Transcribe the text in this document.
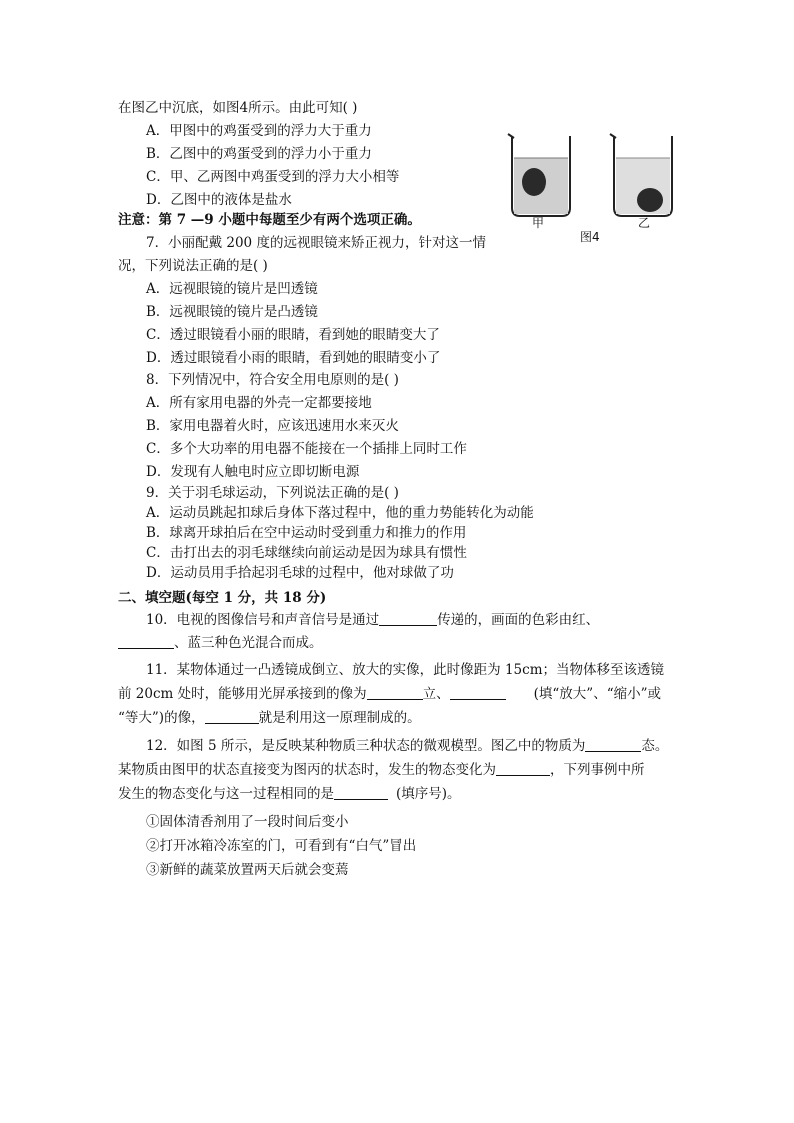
在图乙中沉底，如图4所示。由此可知( )
A．甲图中的鸡蛋受到的浮力大于重力
B．乙图中的鸡蛋受到的浮力小于重力
C．甲、乙两图中鸡蛋受到的浮力大小相等
D．乙图中的液体是盐水
注意：第 7 —9 小题中每题至少有两个选项正确。	甲
图4
乙
7．小丽配戴 200 度的远视眼镜来矫正视力，针对这一情
况，下列说法正确的是( )
A．远视眼镜的镜片是凹透镜
B．远视眼镜的镜片是凸透镜
C．透过眼镜看小丽的眼睛，看到她的眼睛变大了
D．透过眼镜看小雨的眼睛，看到她的眼睛变小了
8．下列情况中，符合安全用电原则的是( )
A．所有家用电器的外壳一定都要接地
B．家用电器着火时，应该迅速用水来灭火
C．多个大功率的用电器不能接在一个插排上同时工作
D．发现有人触电时应立即切断电源
9．关于羽毛球运动，下列说法正确的是( )
A．运动员跳起扣球后身体下落过程中，他的重力势能转化为动能
B．球离开球拍后在空中运动时受到重力和推力的作用
C．击打出去的羽毛球继续向前运动是因为球具有惯性
D．运动员用手拾起羽毛球的过程中，他对球做了功
二、填空题(每空 1 分，共 18 分)
10．电视的图像信号和声音信号是通过	传递的，画面的色彩由红、
、蓝三种色光混合而成。
11．某物体通过一凸透镜成倒立、放大的实像，此时像距为 15cm；当物体移至该透镜
前 20cm 处时，能够用光屏承接到的像为	立、	(填“放大”、“缩小”或
“等大”)的像，	就是利用这一原理制成的。
12．如图 5 所示，是反映某种物质三种状态的微观模型。图乙中的物质为	态。
某物质由图甲的状态直接变为图丙的状态时，发生的物态变化为	，下列事例中所
发生的物态变化与这一过程相同的是	(填序号)。
①固体清香剂用了一段时间后变小
②打开冰箱冷冻室的门，可看到有“白气”冒出
③新鲜的蔬菜放置两天后就会变蔫
